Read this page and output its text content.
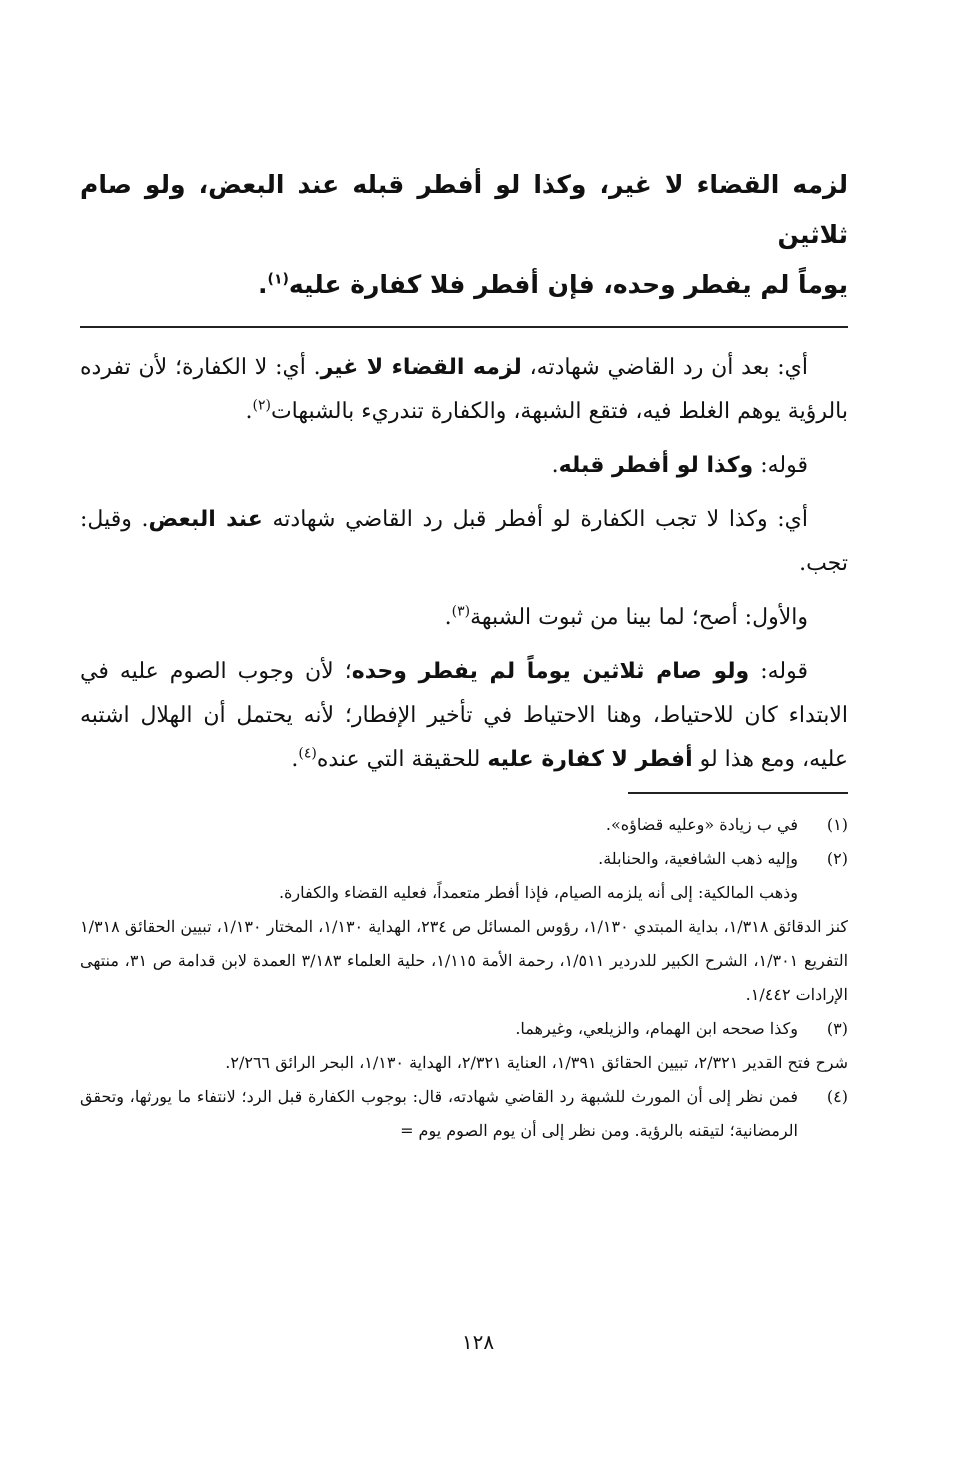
لزمه القضاء لا غير، وكذا لو أفطر قبله عند البعض، ولو صام ثلاثين
يوماً لم يفطر وحده، فإن أفطر فلا كفارة عليه$^{(١)}$.

أي: بعد أن رد القاضي شهادته، لزمه القضاء لا غير. أي: لا الكفارة؛ لأن تفرده بالرؤية يوهم الغلط فيه، فتقع الشبهة، والكفارة تندريء بالشبهات$^{(٢)}$.

قوله: وكذا لو أفطر قبله.

أي: وكذا لا تجب الكفارة لو أفطر قبل رد القاضي شهادته عند البعض. وقيل: تجب.

والأول: أصح؛ لما بينا من ثبوت الشبهة$^{(٣)}$.

قوله: ولو صام ثلاثين يوماً لم يفطر وحده؛ لأن وجوب الصوم عليه في الابتداء كان للاحتياط، وهنا الاحتياط في تأخير الإفطار؛ لأنه يحتمل أن الهلال اشتبه عليه، ومع هذا لو أفطر لا كفارة عليه للحقيقة التي عنده$^{(٤)}$.

(١)
في ب زيادة «وعليه قضاؤه».
(٢)
وإليه ذهب الشافعية، والحنابلة.
وذهب المالكية: إلى أنه يلزمه الصيام، فإذا أفطر متعمداً، فعليه القضاء والكفارة.
كنز الدقائق ١/٣١٨، بداية المبتدي ١/١٣٠، رؤوس المسائل ص ٢٣٤، الهداية ١/١٣٠، المختار ١/١٣٠، تبيين الحقائق ١/٣١٨ التفريع ١/٣٠١، الشرح الكبير للدردير ١/٥١١، رحمة الأمة ١/١١٥، حلية العلماء ٣/١٨٣ العمدة لابن قدامة ص ٣١، منتهى الإرادات ١/٤٤٢.
(٣)
وكذا صححه ابن الهمام، والزيلعي، وغيرهما.
شرح فتح القدير ٢/٣٢١، تبيين الحقائق ١/٣٩١، العناية ٢/٣٢١، الهداية ١/١٣٠، البحر الرائق ٢/٢٦٦.
(٤)
فمن نظر إلى أن المورث للشبهة رد القاضي شهادته، قال: بوجوب الكفارة قبل الرد؛ لانتفاء ما يورثها، وتحقق الرمضانية؛ لتيقنه بالرؤية. ومن نظر إلى أن يوم الصوم يوم =
١٢٨
